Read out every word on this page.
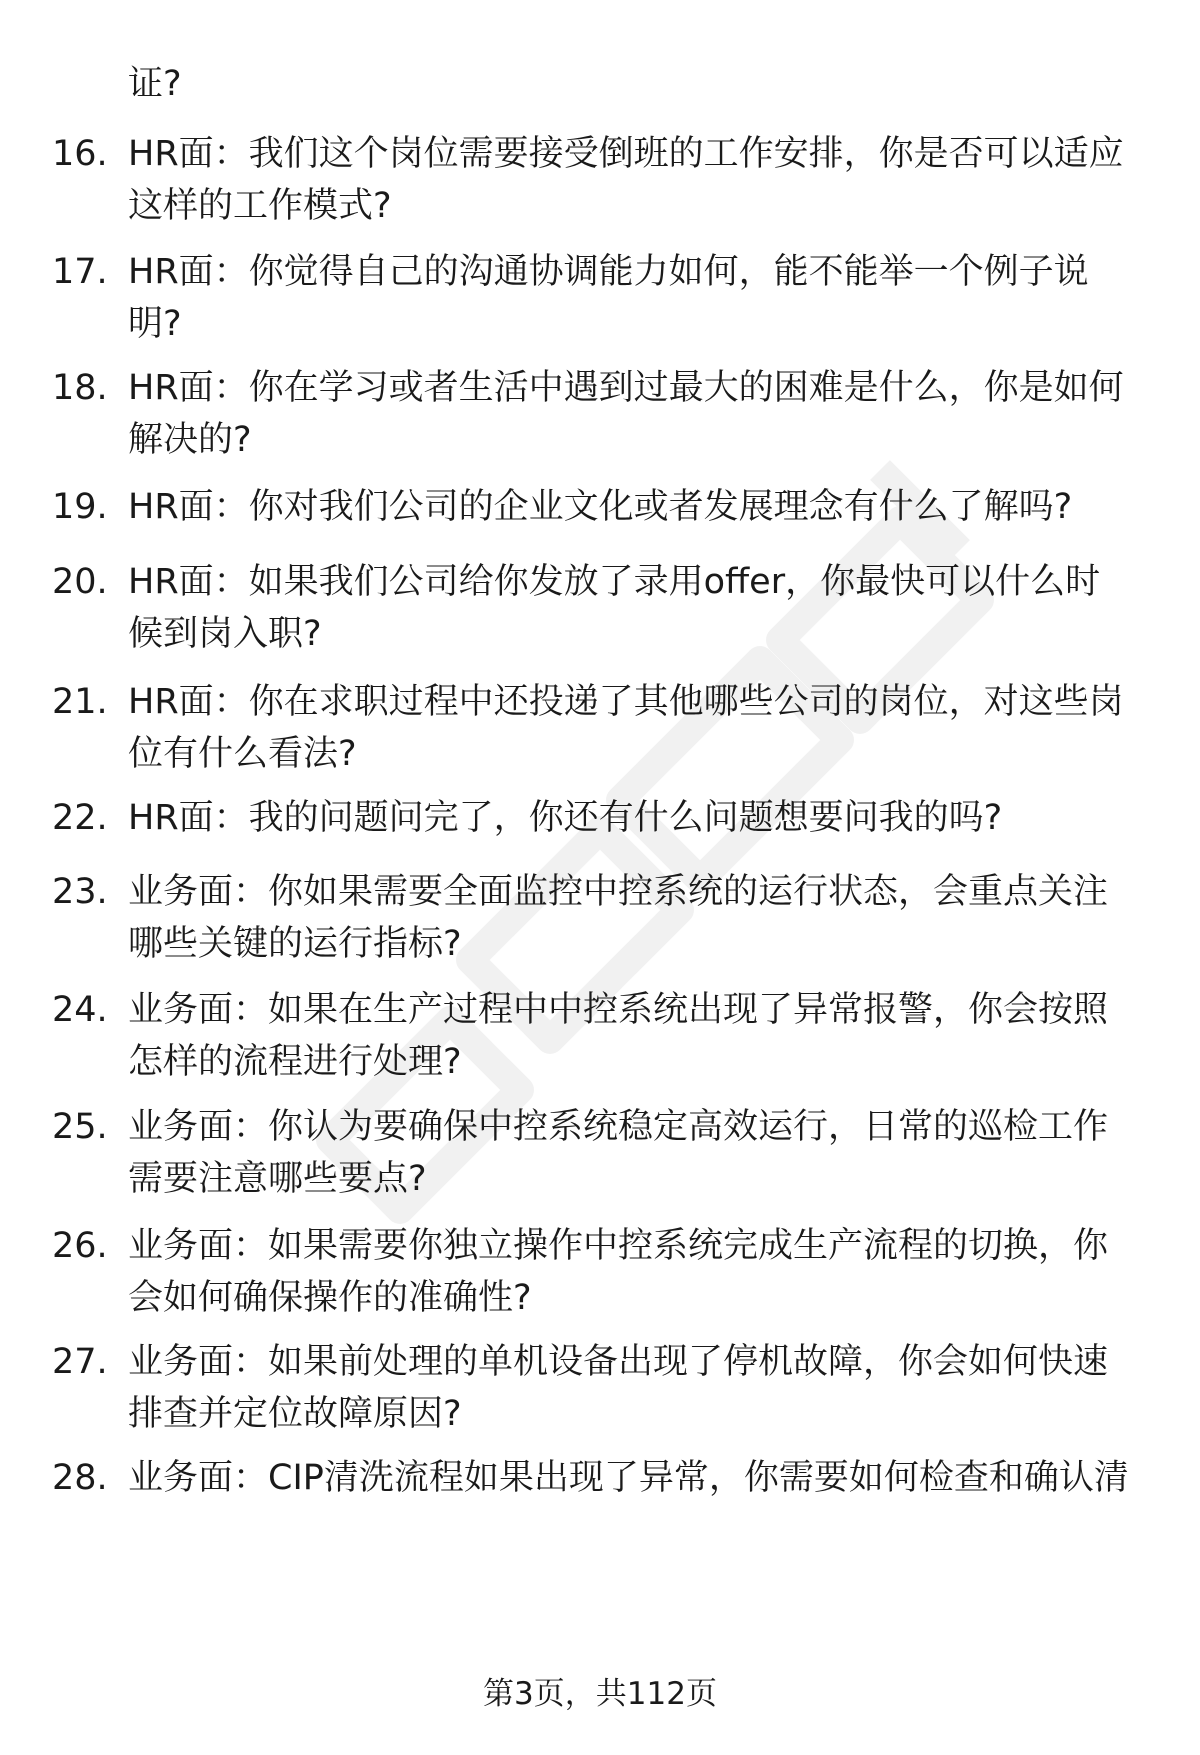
证?
16. HR面：我们这个岗位需要接受倒班的工作安排，你是否可以适应
这样的工作模式?
17. HR面：你觉得自己的沟通协调能力如何，能不能举一个例子说
明?
18. HR面：你在学习或者生活中遇到过最大的困难是什么，你是如何
解决的?
19. HR面：你对我们公司的企业文化或者发展理念有什么了解吗?
20. HR面：如果我们公司给你发放了录用offer，你最快可以什么时
候到岗入职?
21. HR面：你在求职过程中还投递了其他哪些公司的岗位，对这些岗
位有什么看法?
22. HR面：我的问题问完了，你还有什么问题想要问我的吗?
23. 业务面：你如果需要全面监控中控系统的运行状态，会重点关注
哪些关键的运行指标?
24. 业务面：如果在生产过程中中控系统出现了异常报警，你会按照
怎样的流程进行处理?
25. 业务面：你认为要确保中控系统稳定高效运行，日常的巡检工作
需要注意哪些要点?
26. 业务面：如果需要你独立操作中控系统完成生产流程的切换，你
会如何确保操作的准确性?
27. 业务面：如果前处理的单机设备出现了停机故障，你会如何快速
排查并定位故障原因?
28. 业务面：CIP清洗流程如果出现了异常，你需要如何检查和确认清
第3页，共112页
